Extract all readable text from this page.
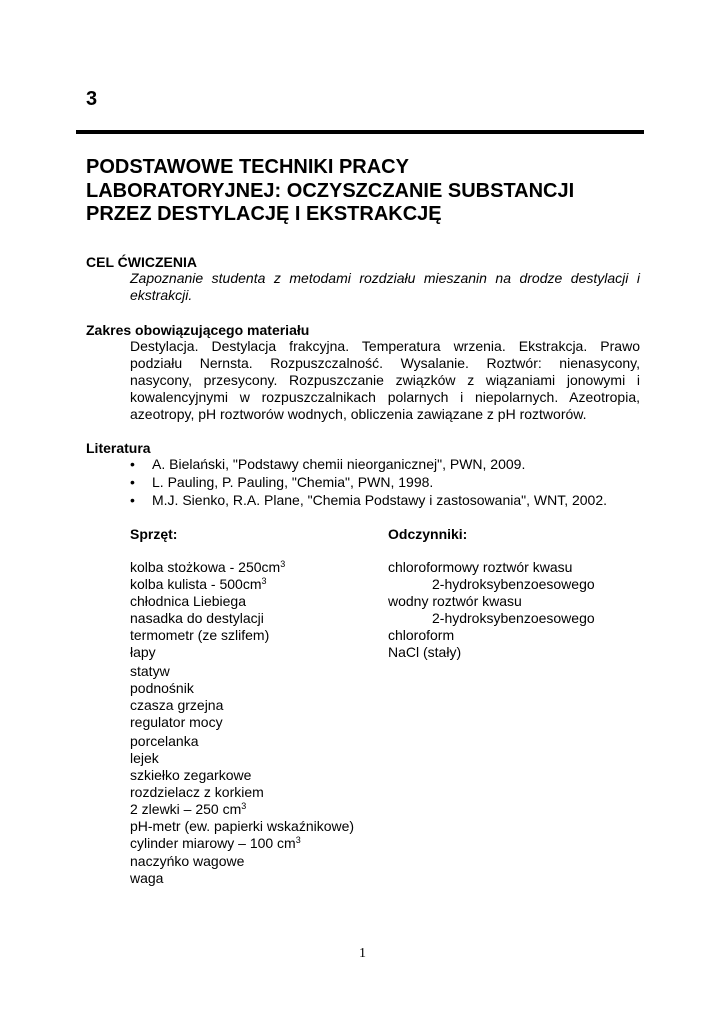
3
PODSTAWOWE TECHNIKI PRACY
LABORATORYJNEJ: OCZYSZCZANIE SUBSTANCJI
PRZEZ DESTYLACJĘ I EKSTRAKCJĘ
CEL ĆWICZENIA
Zapoznanie studenta z metodami rozdziału mieszanin na drodze destylacji i
ekstrakcji.
Zakres obowiązującego materiału
Destylacja. Destylacja frakcyjna. Temperatura wrzenia. Ekstrakcja. Prawo
podziału Nernsta. Rozpuszczalność. Wysalanie. Roztwór: nienasycony,
nasycony, przesycony. Rozpuszczanie związków z wiązaniami jonowymi i
kowalencyjnymi w rozpuszczalnikach polarnych i niepolarnych. Azeotropia,
azeotropy, pH roztworów wodnych, obliczenia zawiązane z pH roztworów.
Literatura
• A. Bielański, "Podstawy chemii nieorganicznej", PWN, 2009.
• L. Pauling, P. Pauling, "Chemia", PWN, 1998.
• M.J. Sienko, R.A. Plane, "Chemia Podstawy i zastosowania", WNT, 2002.
Sprzęt:
kolba stożkowa - $250cm^3$
kolba kulista - $500cm^3$
chłodnica Liebiega
nasadka do destylacji
termometr (ze szlifem)
łapy
statyw
podnośnik
czasza grzejna
regulator mocy
porcelanka
lejek
szkiełko zegarkowe
rozdzielacz z korkiem
2 zlewki – 250 $cm^3$
pH-metr (ew. papierki wskaźnikowe)
cylinder miarowy – 100 $cm^3$
naczyńko wagowe
waga
Odczynniki:
chloroformowy roztwór kwasu
2-hydroksybenzoesowego
wodny roztwór kwasu
2-hydroksybenzoesowego
chloroform
NaCl (stały)
1
